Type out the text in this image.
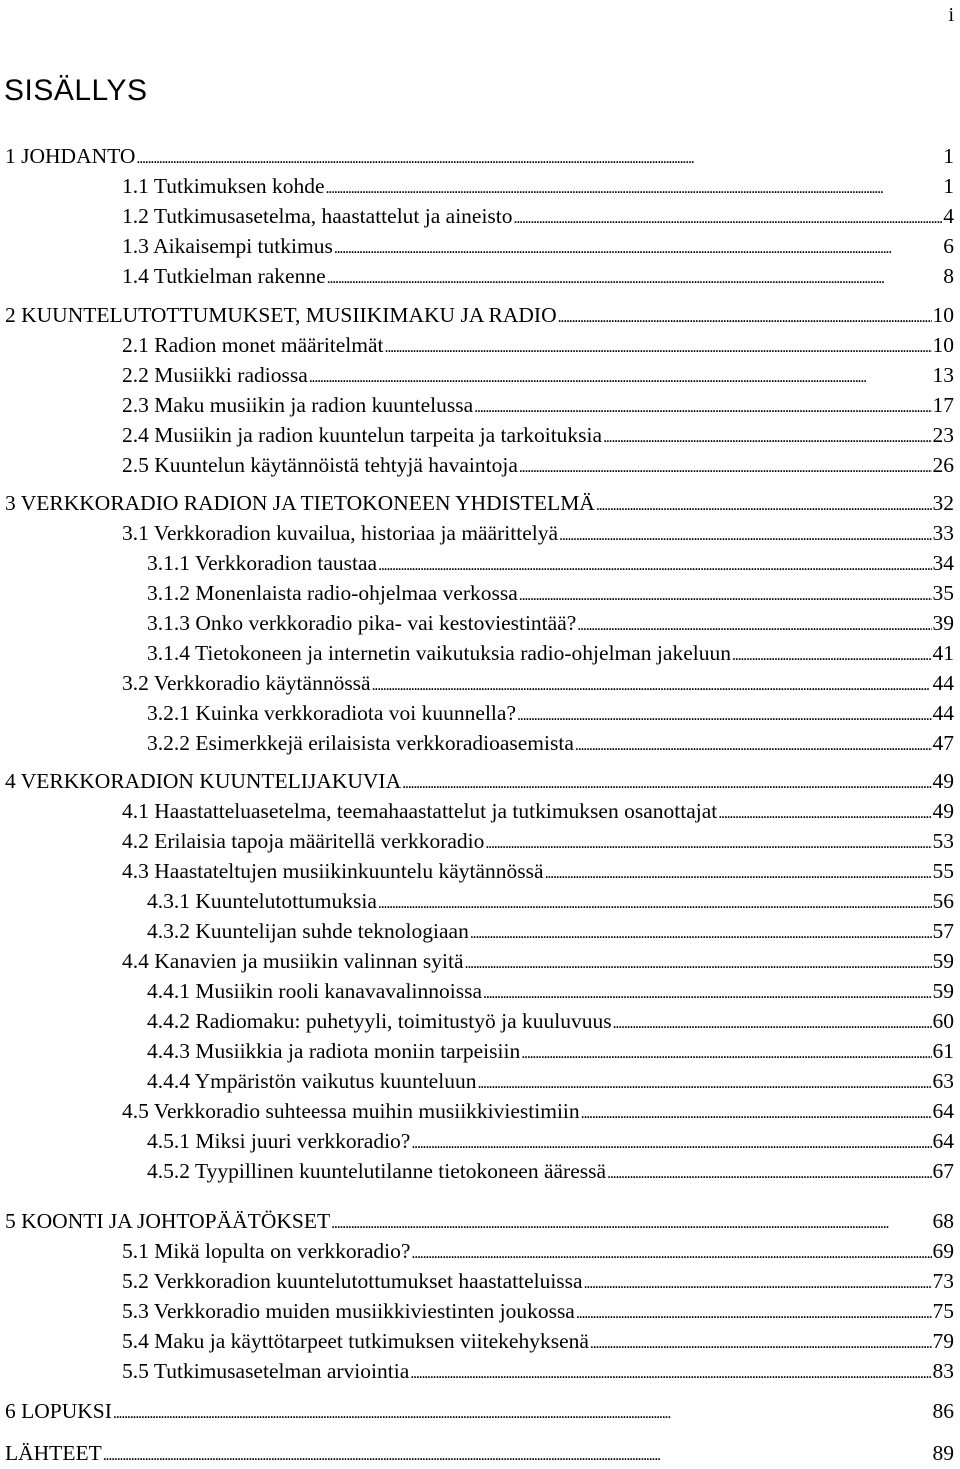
i
SISÄLLYS
1 JOHDANTO . . .	1
1.1 Tutkimuksen kohde . . .	1
1.2 Tutkimusasetelma, haastattelut ja aineisto . . .	4
1.3 Aikaisempi tutkimus . . .	6
1.4 Tutkielman rakenne . . .	8
2 KUUNTELUTOTTUMUKSET, MUSIIKIMAKU JA RADIO . . .	10
2.1 Radion monet määritelmät . . .	10
2.2 Musiikki radiossa . . .	13
2.3 Maku musiikin ja radion kuuntelussa . . .	17
2.4 Musiikin ja radion kuuntelun tarpeita ja tarkoituksia . . .	23
2.5 Kuuntelun käytännöistä tehtyjä havaintoja . . .	26
3 VERKKORADIO RADION JA TIETOKONEEN YHDISTELMÄ . . .	32
3.1 Verkkoradion kuvailua, historiaa ja määrittelyä . . .	33
3.1.1 Verkkoradion taustaa . . .	34
3.1.2 Monenlaista radio-ohjelmaa verkossa . . .	35
3.1.3 Onko verkkoradio pika- vai kestoviestintää? . . .	39
3.1.4 Tietokoneen ja internetin vaikutuksia radio-ohjelman jakeluun . . .	41
3.2 Verkkoradio käytännössä . . .	44
3.2.1 Kuinka verkkoradiota voi kuunnella? . . .	44
3.2.2 Esimerkkejä erilaisista verkkoradioasemista . . .	47
4 VERKKORADION KUUNTELIJAKUVIA . . .	49
4.1 Haastatteluasetelma, teemahaastattelut ja tutkimuksen osanottajat . . .	49
4.2 Erilaisia tapoja määritellä verkkoradio . . .	53
4.3 Haastateltujen musiikinkuuntelu käytännössä . . .	55
4.3.1 Kuuntelutottumuksia . . .	56
4.3.2 Kuuntelijan suhde teknologiaan . . .	57
4.4 Kanavien ja musiikin valinnan syitä . . .	59
4.4.1 Musiikin rooli kanavavalinnoissa . . .	59
4.4.2 Radiomaku: puhetyyli, toimitustyö ja kuuluvuus . . .	60
4.4.3 Musiikkia ja radiota moniin tarpeisiin . . .	61
4.4.4 Ympäristön vaikutus kuunteluun . . .	63
4.5 Verkkoradio suhteessa muihin musiikkiviestimiin . . .	64
4.5.1 Miksi juuri verkkoradio? . . .	64
4.5.2 Tyypillinen kuuntelutilanne tietokoneen ääressä . . .	67
5 KOONTI JA JOHTOPÄÄTÖKSET . . .	68
5.1 Mikä lopulta on verkkoradio? . . .	69
5.2 Verkkoradion kuuntelutottumukset haastatteluissa . . .	73
5.3 Verkkoradio muiden musiikkiviestinten joukossa . . .	75
5.4 Maku ja käyttötarpeet tutkimuksen viitekehyksenä . . .	79
5.5 Tutkimusasetelman arviointia . . .	83
6 LOPUKSI . . .	86
LÄHTEET . . .	89
